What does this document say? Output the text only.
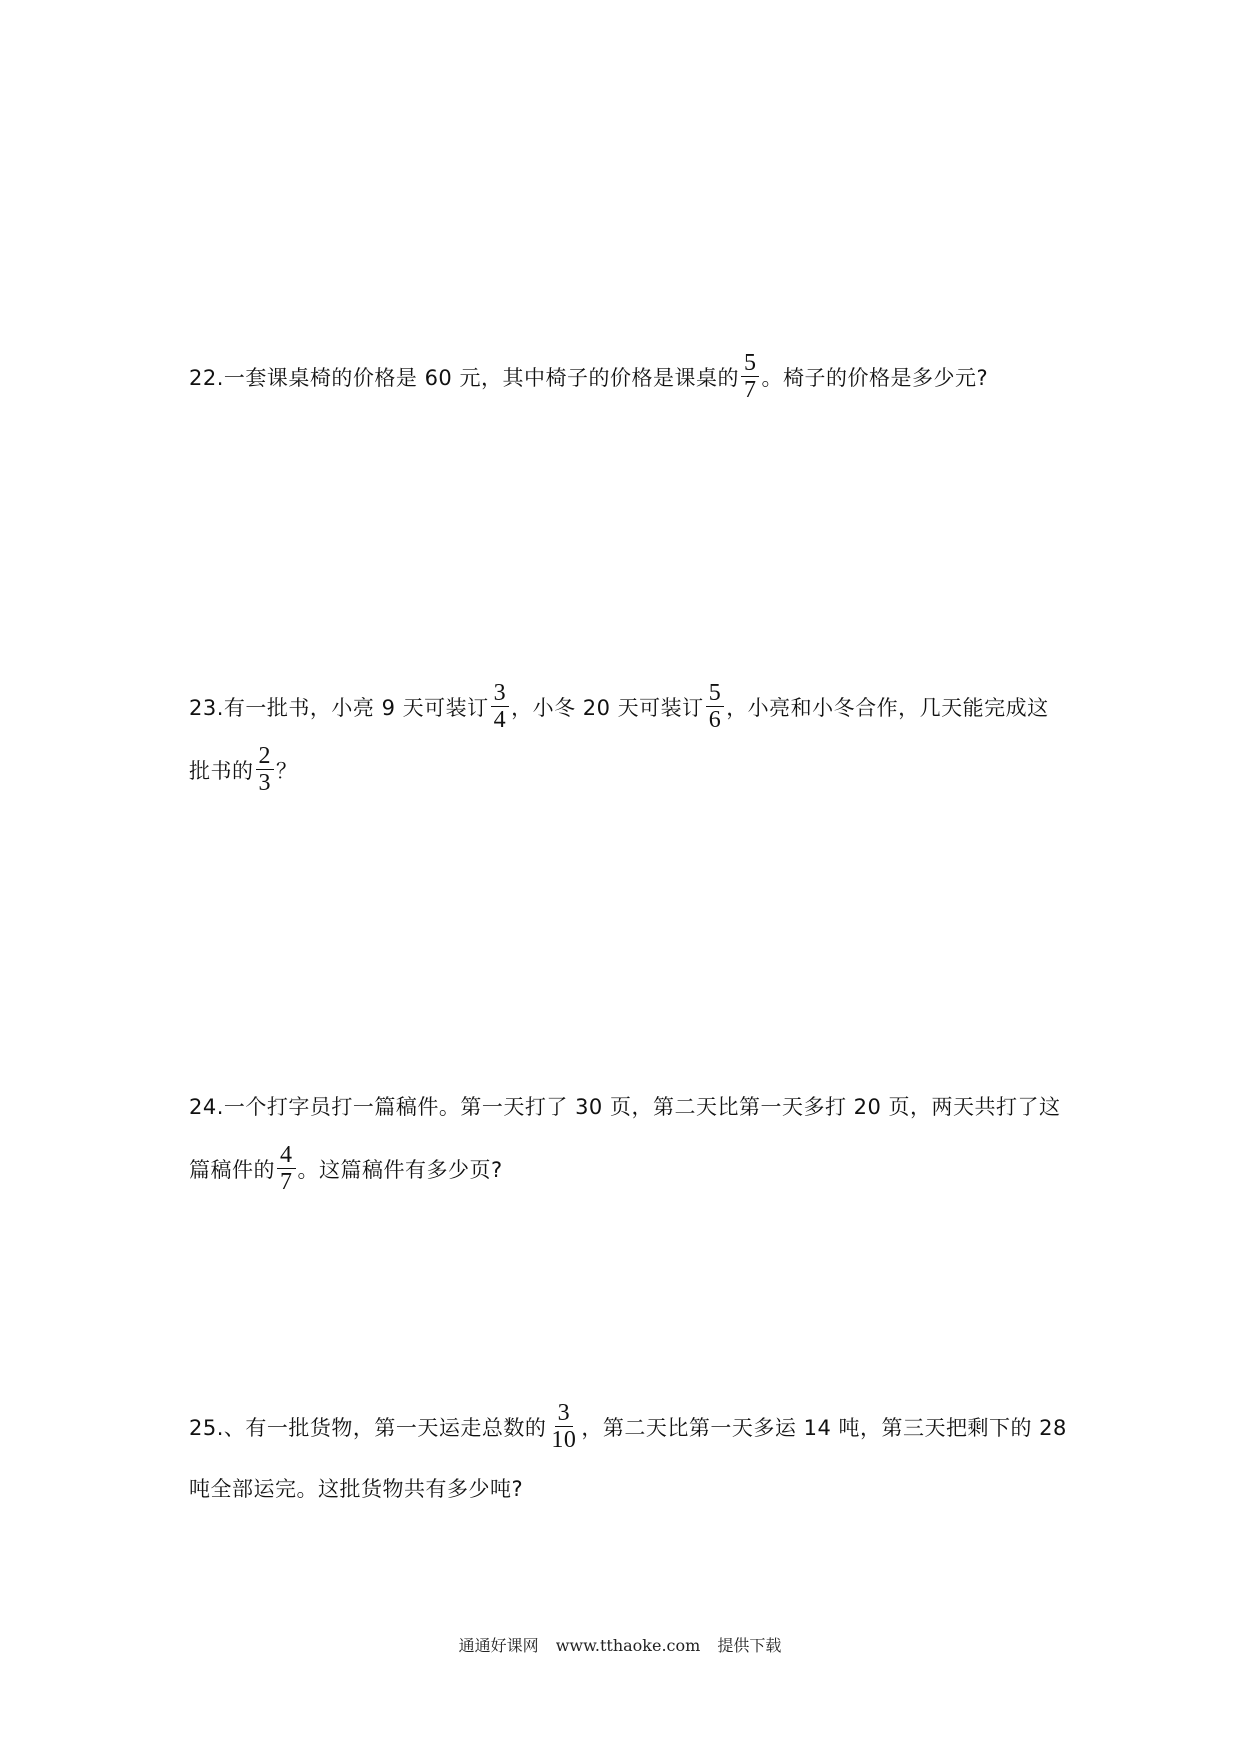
22.一套课桌椅的价格是 60 元，其中椅子的价格是课桌的 $\frac{5}{7}$ 。椅子的价格是多少元?
23.有一批书，小亮 9 天可装订 $\frac{3}{4}$ ，小冬 20 天可装订 $\frac{5}{6}$ ，小亮和小冬合作，几天能完成这
批书的 $\frac{2}{3}$ ？
24.一个打字员打一篇稿件。第一天打了 30 页，第二天比第一天多打 20 页，两天共打了这
篇稿件的 $\frac{4}{7}$ 。这篇稿件有多少页?
25.、有一批货物，第一天运走总数的 $\frac{3}{10}$ ，第二天比第一天多运 14 吨，第三天把剩下的 28
吨全部运完。这批货物共有多少吨?
通通好课网 www.tthaoke.com 提供下载
